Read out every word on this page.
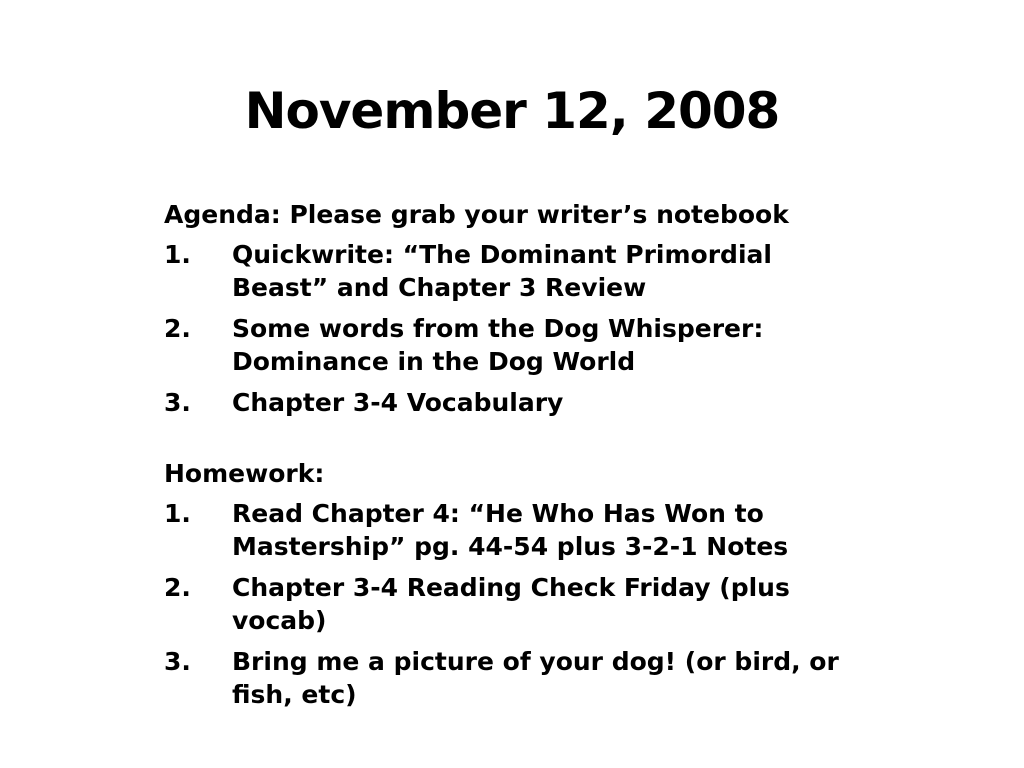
November 12, 2008
Agenda: Please grab your writer’s notebook
1. Quickwrite: “The Dominant Primordial Beast” and Chapter 3 Review
2. Some words from the Dog Whisperer: Dominance in the Dog World
3. Chapter 3-4 Vocabulary
Homework:
1. Read Chapter 4: “He Who Has Won to Mastership” pg. 44-54 plus 3-2-1 Notes
2. Chapter 3-4 Reading Check Friday (plus vocab)
3. Bring me a picture of your dog! (or bird, or fish, etc)
